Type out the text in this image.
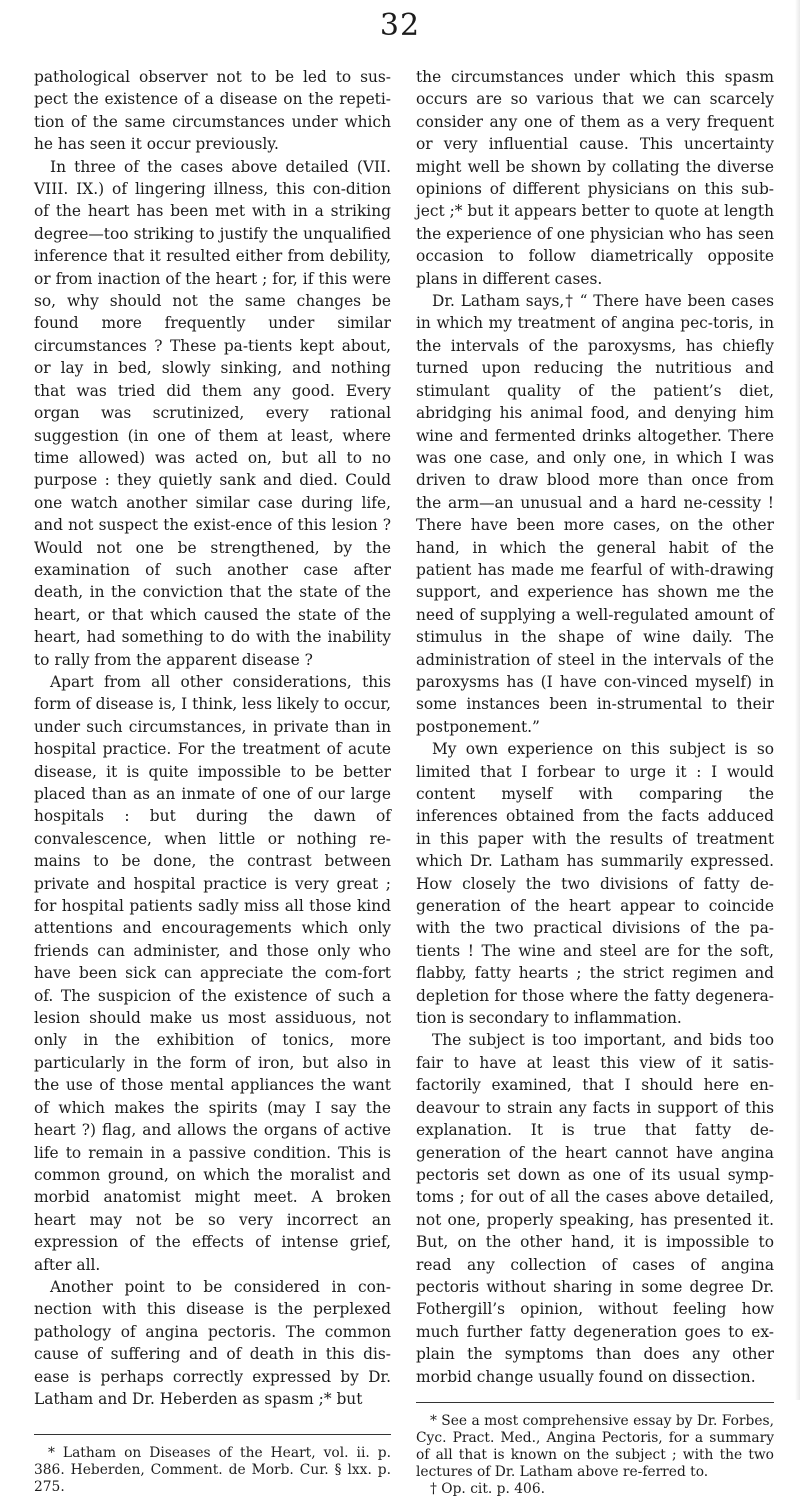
32

pathological observer not to be led to sus-pect the existence of a disease on the repeti-tion of the same circumstances under which he has seen it occur previously.

In three of the cases above detailed (VII. VIII. IX.) of lingering illness, this con-dition of the heart has been met with in a striking degree—too striking to justify the unqualified inference that it resulted either from debility, or from inaction of the heart ; for, if this were so, why should not the same changes be found more frequently under similar circumstances ? These pa-tients kept about, or lay in bed, slowly sinking, and nothing that was tried did them any good. Every organ was scrutinized, every rational suggestion (in one of them at least, where time allowed) was acted on, but all to no purpose : they quietly sank and died. Could one watch another similar case during life, and not suspect the exist-ence of this lesion ? Would not one be strengthened, by the examination of such another case after death, in the conviction that the state of the heart, or that which caused the state of the heart, had something to do with the inability to rally from the apparent disease ?

Apart from all other considerations, this form of disease is, I think, less likely to occur, under such circumstances, in private than in hospital practice. For the treatment of acute disease, it is quite impossible to be better placed than as an inmate of one of our large hospitals : but during the dawn of convalescence, when little or nothing re-mains to be done, the contrast between private and hospital practice is very great ; for hospital patients sadly miss all those kind attentions and encouragements which only friends can administer, and those only who have been sick can appreciate the com-fort of. The suspicion of the existence of such a lesion should make us most assiduous, not only in the exhibition of tonics, more particularly in the form of iron, but also in the use of those mental appliances the want of which makes the spirits (may I say the heart ?) flag, and allows the organs of active life to remain in a passive condition. This is common ground, on which the moralist and morbid anatomist might meet. A broken heart may not be so very incorrect an expression of the effects of intense grief, after all.

Another point to be considered in con-nection with this disease is the perplexed pathology of angina pectoris. The common cause of suffering and of death in this dis-ease is perhaps correctly expressed by Dr. Latham and Dr. Heberden as spasm ;* but

* Latham on Diseases of the Heart, vol. ii. p. 386. Heberden, Comment. de Morb. Cur. § lxx. p. 275.

the circumstances under which this spasm occurs are so various that we can scarcely consider any one of them as a very frequent or very influential cause. This uncertainty might well be shown by collating the diverse opinions of different physicians on this sub-ject ;* but it appears better to quote at length the experience of one physician who has seen occasion to follow diametrically opposite plans in different cases.

Dr. Latham says,† “ There have been cases in which my treatment of angina pec-toris, in the intervals of the paroxysms, has chiefly turned upon reducing the nutritious and stimulant quality of the patient’s diet, abridging his animal food, and denying him wine and fermented drinks altogether. There was one case, and only one, in which I was driven to draw blood more than once from the arm—an unusual and a hard ne-cessity ! There have been more cases, on the other hand, in which the general habit of the patient has made me fearful of with-drawing support, and experience has shown me the need of supplying a well-regulated amount of stimulus in the shape of wine daily. The administration of steel in the intervals of the paroxysms has (I have con-vinced myself) in some instances been in-strumental to their postponement.”

My own experience on this subject is so limited that I forbear to urge it : I would content myself with comparing the inferences obtained from the facts adduced in this paper with the results of treatment which Dr. Latham has summarily expressed. How closely the two divisions of fatty de-generation of the heart appear to coincide with the two practical divisions of the pa-tients ! The wine and steel are for the soft, flabby, fatty hearts ; the strict regimen and depletion for those where the fatty degenera-tion is secondary to inflammation.

The subject is too important, and bids too fair to have at least this view of it satis-factorily examined, that I should here en-deavour to strain any facts in support of this explanation. It is true that fatty de-generation of the heart cannot have angina pectoris set down as one of its usual symp-toms ; for out of all the cases above detailed, not one, properly speaking, has presented it. But, on the other hand, it is impossible to read any collection of cases of angina pectoris without sharing in some degree Dr. Fothergill’s opinion, without feeling how much further fatty degeneration goes to ex-plain the symptoms than does any other morbid change usually found on dissection.

* See a most comprehensive essay by Dr. Forbes, Cyc. Pract. Med., Angina Pectoris, for a summary of all that is known on the subject ; with the two lectures of Dr. Latham above re-ferred to.

† Op. cit. p. 406.
